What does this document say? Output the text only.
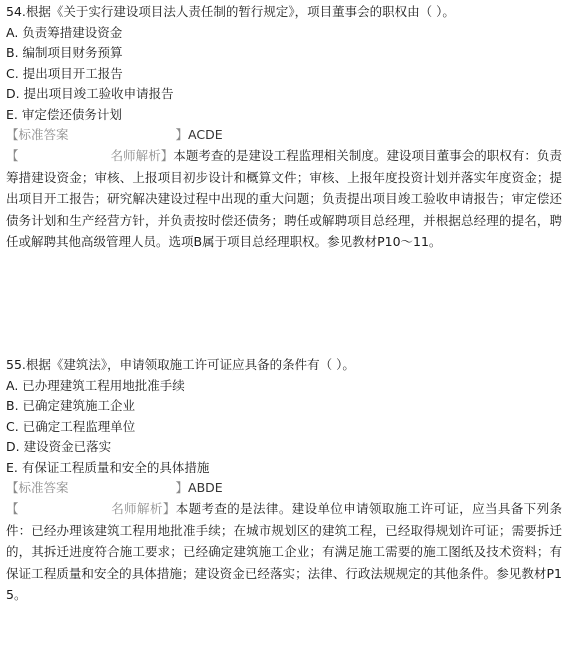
54.根据《关于实行建设项目法人责任制的暂行规定》，项目董事会的职权由（ ）。
A. 负责筹措建设资金
B. 编制项目财务预算
C. 提出项目开工报告
D. 提出项目竣工验收申请报告
E. 审定偿还债务计划
【标准答案	】ACDE
【	名师解析】本题考查的是建设工程监理相关制度。建设项目董事会的职权有：负责筹措建设资金；审核、上报项目初步设计和概算文件；审核、上报年度投资计划并落实年度资金；提出项目开工报告；研究解决建设过程中出现的重大问题；负责提出项目竣工验收申请报告；审定偿还债务计划和生产经营方针，并负责按时偿还债务；聘任或解聘项目总经理，并根据总经理的提名，聘任或解聘其他高级管理人员。选项B属于项目总经理职权。参见教材P10～11。
55.根据《建筑法》，申请领取施工许可证应具备的条件有（ ）。
A. 已办理建筑工程用地批准手续
B. 已确定建筑施工企业
C. 已确定工程监理单位
D. 建设资金已落实
E. 有保证工程质量和安全的具体措施
【标准答案	】ABDE
【	名师解析】本题考查的是法律。建设单位申请领取施工许可证，应当具备下列条件：已经办理该建筑工程用地批准手续；在城市规划区的建筑工程，已经取得规划许可证；需要拆迁的，其拆迁进度符合施工要求；已经确定建筑施工企业；有满足施工需要的施工图纸及技术资料；有保证工程质量和安全的具体措施；建设资金已经落实；法律、行政法规规定的其他条件。参见教材P15。
